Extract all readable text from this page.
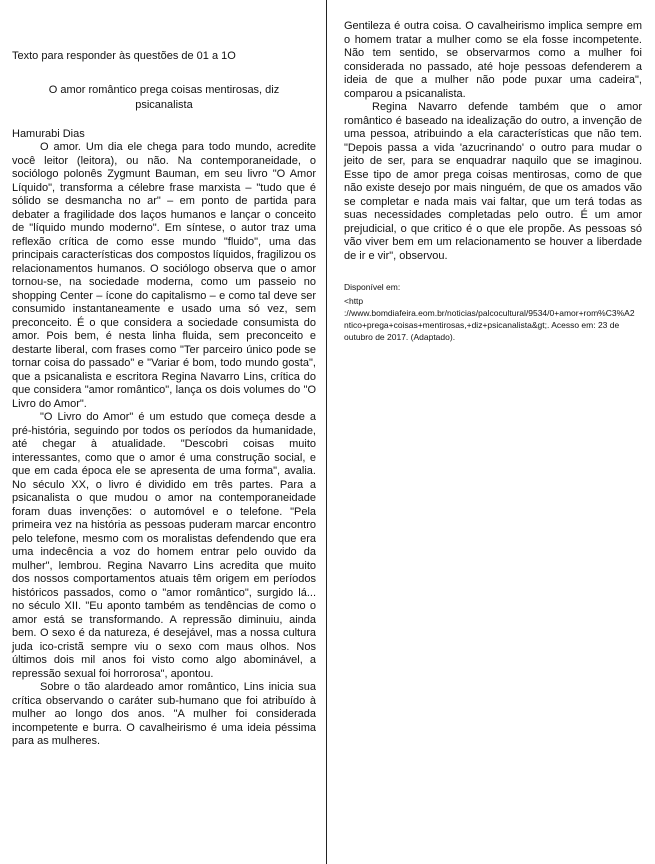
Texto para responder às questões de 01 a 1O
O amor romântico prega coisas mentirosas, diz psicanalista
Hamurabi Dias

O amor. Um dia ele chega para todo mundo, acredite você leitor (leitora), ou não. Na contemporaneidade, o sociólogo polonês Zygmunt Bauman, em seu livro "O Amor Líquido", transforma a célebre frase marxista – "tudo que é sólido se desmancha no ar" – em ponto de partida para debater a fragilidade dos laços humanos e lançar o conceito de "líquido mundo moderno". Em síntese, o autor traz uma reflexão crítica de como esse mundo "fluido", uma das principais características dos compostos líquidos, fragilizou os relacionamentos humanos. O sociólogo observa que o amor tornou-se, na sociedade moderna, como um passeio no shopping Center – ícone do capitalismo – e como tal deve ser consumido instantaneamente e usado uma só vez, sem preconceito. É o que considera a sociedade consumista do amor. Pois bem, é nesta linha fluida, sem preconceito e destarte liberal, com frases como "Ter parceiro único pode se tornar coisa do passado" e "Variar é bom, todo mundo gosta", que a psicanalista e escritora Regina Navarro Lins, crítica do que considera "amor romântico", lança os dois volumes do "O Livro do Amor".

"O Livro do Amor" é um estudo que começa desde a pré-história, seguindo por todos os períodos da humanidade, até chegar à atualidade. "Descobri coisas muito interessantes, como que o amor é uma construção social, e que em cada época ele se apresenta de uma forma", avalia. No século XX, o livro é dividido em três partes. Para a psicanalista o que mudou o amor na contemporaneidade foram duas invenções: o automóvel e o telefone. "Pela primeira vez na história as pessoas puderam marcar encontro pelo telefone, mesmo com os moralistas defendendo que era uma indecência a voz do homem entrar pelo ouvido da mulher", lembrou. Regina Navarro Lins acredita que muito dos nossos comportamentos atuais têm origem em períodos históricos passados, como o "amor romântico", surgido lá... no século XII. "Eu aponto também as tendências de como o amor está se transformando. A repressão diminuiu, ainda bem. O sexo é da natureza, é desejável, mas a nossa cultura juda ico-cristã sempre viu o sexo com maus olhos. Nos últimos dois mil anos foi visto como algo abominável, a repressão sexual foi horrorosa", apontou.

Sobre o tão alardeado amor romântico, Lins inicia sua crítica observando o caráter sub-humano que foi atribuído à mulher ao longo dos anos. "A mulher foi considerada incompetente e burra. O cavalheirismo é uma ideia péssima para as mulheres.

Gentileza é outra coisa. O cavalheirismo implica sempre em o homem tratar a mulher como se ela fosse incompetente. Não tem sentido, se observarmos como a mulher foi considerada no passado, até hoje pessoas defenderem a ideia de que a mulher não pode puxar uma cadeira", comparou a psicanalista.

Regina Navarro defende também que o amor romântico é baseado na idealização do outro, a invenção de uma pessoa, atribuindo a ela características que não tem. "Depois passa a vida 'azucrinando' o outro para mudar o jeito de ser, para se enquadrar naquilo que se imaginou. Esse tipo de amor prega coisas mentirosas, como de que não existe desejo por mais ninguém, de que os amados vão se completar e nada mais vai faltar, que um terá todas as suas necessidades completadas pelo outro. É um amor prejudicial, o que critico é o que ele propõe. As pessoas só vão viver bem em um relacionamento se houver a liberdade de ir e vir", observou.

Disponível em:
<http ://www.bomdiafeira.eom.br/noticias/palcocultural/9534/0+amor+rom%C3%A2 ntico+prega+coisas+mentirosas,+diz+psicanalista&gt;. Acesso em: 23 de outubro de 2017. (Adaptado).
